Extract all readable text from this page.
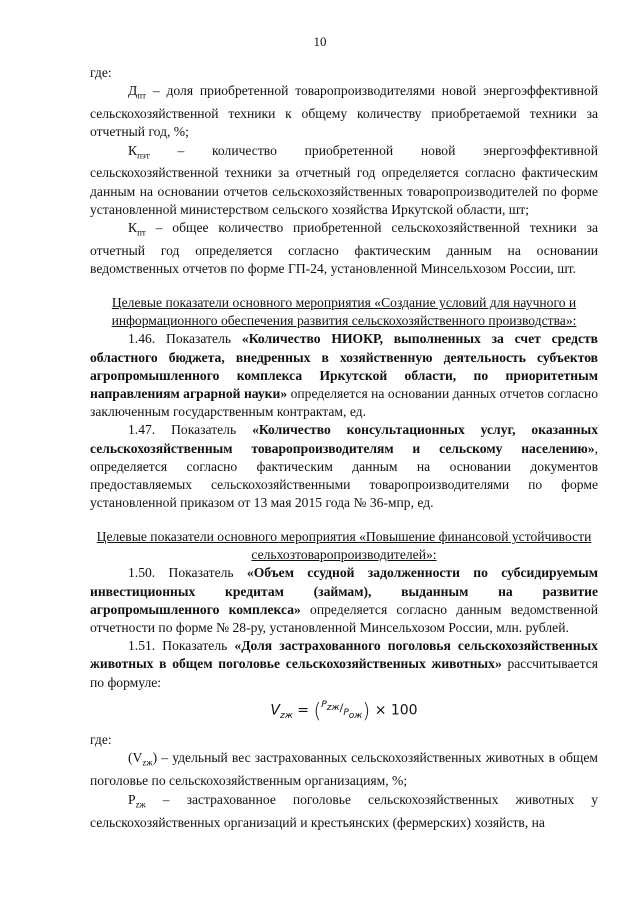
10

где:

$Д_{пт}$ – доля приобретенной товаропроизводителями новой энергоэффективной сельскохозяйственной техники к общему количеству приобретаемой техники за отчетный год, %;

$К_{пэт}$ – количество приобретенной новой энергоэффективной сельскохозяйственной техники за отчетный год определяется согласно фактическим данным на основании отчетов сельскохозяйственных товаропроизводителей по форме установленной министерством сельского хозяйства Иркутской области, шт;

$К_{пт}$ – общее количество приобретенной сельскохозяйственной техники за отчетный год определяется согласно фактическим данным на основании ведомственных отчетов по форме ГП-24, установленной Минсельхозом России, шт.

Целевые показатели основного мероприятия «Создание условий для научного и информационного обеспечения развития сельскохозяйственного производства»:

1.46. Показатель «Количество НИОКР, выполненных за счет средств областного бюджета, внедренных в хозяйственную деятельность субъектов агропромышленного комплекса Иркутской области, по приоритетным направлениям аграрной науки» определяется на основании данных отчетов согласно заключенным государственным контрактам, ед.

1.47. Показатель «Количество консультационных услуг, оказанных сельскохозяйственным товаропроизводителям и сельскому населению», определяется согласно фактическим данным на основании документов предоставляемых сельскохозяйственными товаропроизводителями по форме установленной приказом от 13 мая 2015 года № 36-мпр, ед.

Целевые показатели основного мероприятия «Повышение финансовой устойчивости сельхозтоваропроизводителей»:

1.50. Показатель «Объем ссудной задолженности по субсидируемым инвестиционных кредитам (займам), выданным на развитие агропромышленного комплекса» определяется согласно данным ведомственной отчетности по форме № 28-ру, установленной Минсельхозом России, млн. рублей.

1.51. Показатель «Доля застрахованного поголовья сельскохозяйственных животных в общем поголовье сельскохозяйственных животных» рассчитывается по формуле:

$V_{zж} = (^{P_{zж}}/_{P_{ож}}) \times 100$

где:

$(V_{zж})$ – удельный вес застрахованных сельскохозяйственных животных в общем поголовье по сельскохозяйственным организациям, %;

$P_{zж}$ – застрахованное поголовье сельскохозяйственных животных у сельскохозяйственных организаций и крестьянских (фермерских) хозяйств, на
